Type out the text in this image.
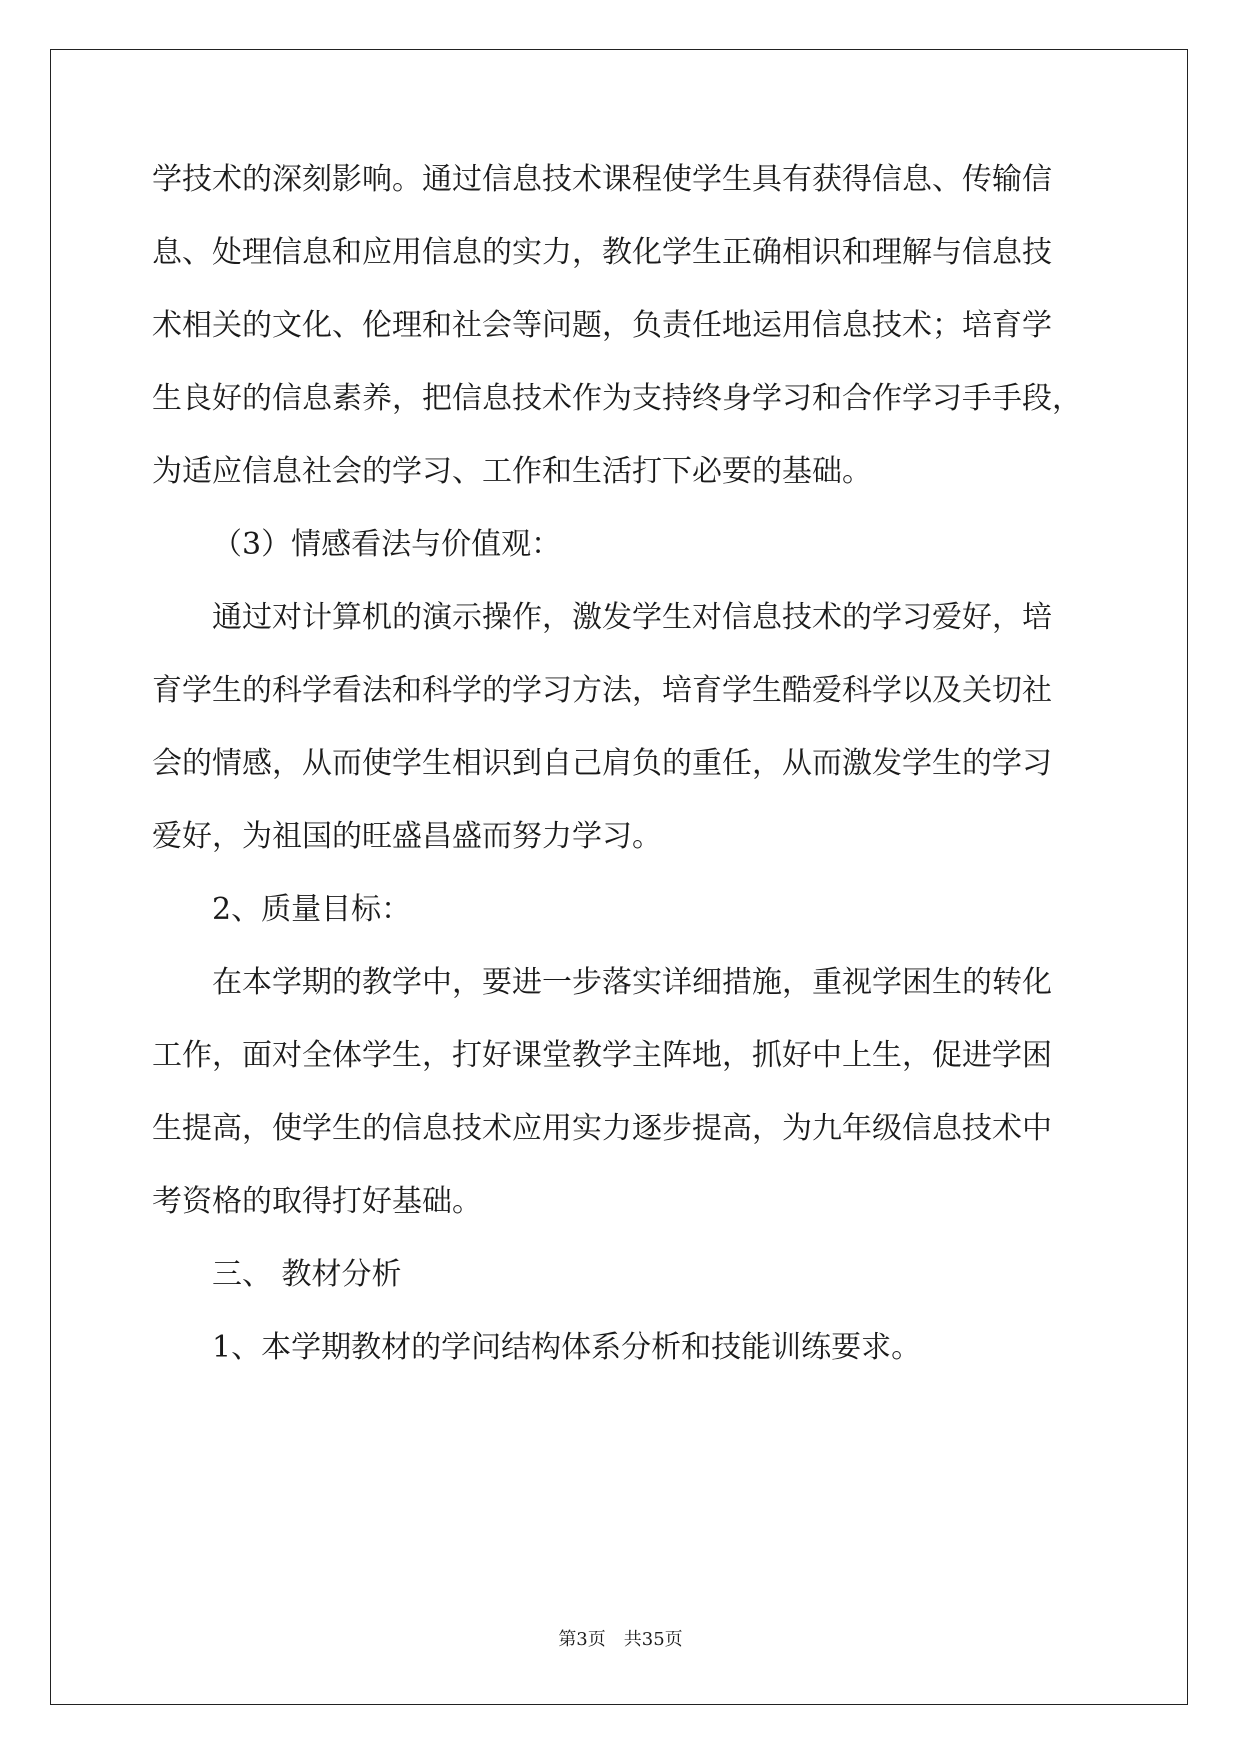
学技术的深刻影响。通过信息技术课程使学生具有获得信息、传输信
息、处理信息和应用信息的实力，教化学生正确相识和理解与信息技
术相关的文化、伦理和社会等问题，负责任地运用信息技术；培育学
生良好的信息素养，把信息技术作为支持终身学习和合作学习手手段，
为适应信息社会的学习、工作和生活打下必要的基础。
（3）情感看法与价值观：
通过对计算机的演示操作，激发学生对信息技术的学习爱好，培
育学生的科学看法和科学的学习方法，培育学生酷爱科学以及关切社
会的情感，从而使学生相识到自己肩负的重任，从而激发学生的学习
爱好，为祖国的旺盛昌盛而努力学习。
2、质量目标：
在本学期的教学中，要进一步落实详细措施，重视学困生的转化
工作，面对全体学生，打好课堂教学主阵地，抓好中上生，促进学困
生提高，使学生的信息技术应用实力逐步提高，为九年级信息技术中
考资格的取得打好基础。
三、 教材分析
1、本学期教材的学问结构体系分析和技能训练要求。
第3页　共35页
